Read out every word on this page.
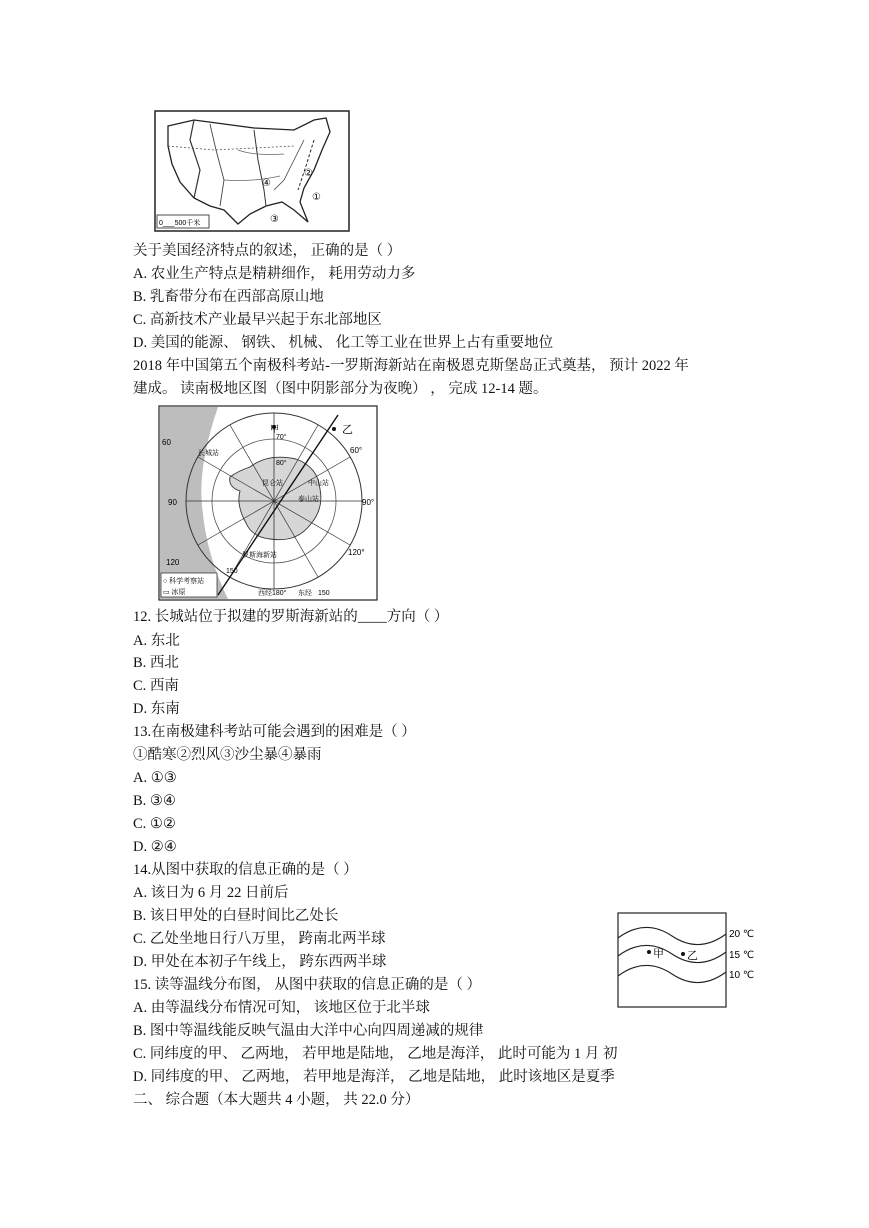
④
②
①
③
0___500千米
关于美国经济特点的叙述， 正确的是（ ）
A. 农业生产特点是精耕细作， 耗用劳动力多
B. 乳畜带分布在西部高原山地
C. 高新技术产业最早兴起于东北部地区
D. 美国的能源、 钢铁、 机械、 化工等工业在世界上占有重要地位
2018 年中国第五个南极科考站-一罗斯海新站在南极恩克斯堡岛正式奠基， 预计 2022 年
建成。 读南极地区图（图中阴影部分为夜晚） ， 完成 12-14 题。
甲	乙
60
60°
90	90°
120
120°
150
150
80°
70°
长城站
中山站
泰山站
昆仑站
罗斯海新站
西经180° 东经
○ 科学考察站
▭ 冰原
12. 长城站位于拟建的罗斯海新站的____方向（ ）
A. 东北
B. 西北
C. 西南
D. 东南
13.在南极建科考站可能会遇到的困难是（ ）
①酷寒②烈风③沙尘暴④暴雨
A. ①③
B. ③④
C. ①②
D. ②④
14.从图中获取的信息正确的是（ ）
A. 该日为 6 月 22 日前后
B. 该日甲处的白昼时间比乙处长
C. 乙处坐地日行八万里， 跨南北两半球
D. 甲处在本初子午线上， 跨东西两半球	甲 乙
20 ℃
15 ℃
10 ℃
15. 读等温线分布图， 从图中获取的信息正确的是（ ）
A. 由等温线分布情况可知， 该地区位于北半球
B. 图中等温线能反映气温由大洋中心向四周递减的规律
C. 同纬度的甲、 乙两地， 若甲地是陆地， 乙地是海洋， 此时可能为 1 月 初
D. 同纬度的甲、 乙两地， 若甲地是海洋， 乙地是陆地， 此时该地区是夏季
二、 综合题（本大题共 4 小题， 共 22.0 分）
